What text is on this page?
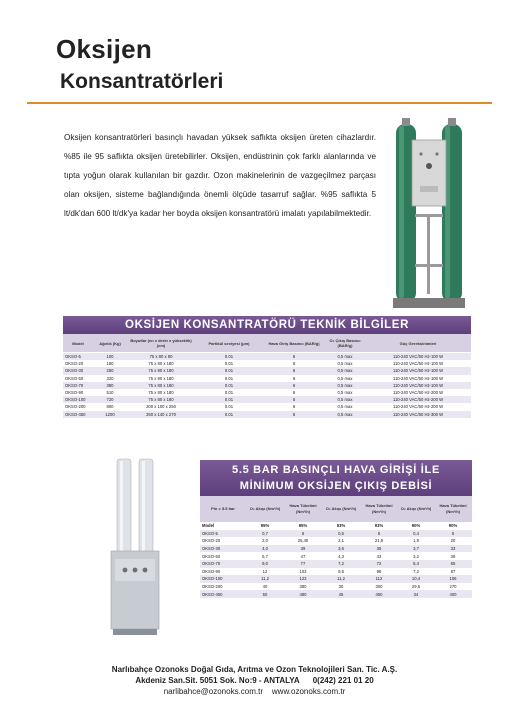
Oksijen
Konsantratörleri

Oksijen konsantratörleri basınçlı havadan yüksek saflıkta oksijen üreten cihazlardır. %85 ile 95 saflıkta oksijen üretebilirler. Oksijen, endüstrinin çok farklı alanlarında ve tıpta yoğun olarak kullanılan bir gazdır. Ozon makinelerinin de vazgeçilmez parçası olan oksijen, sisteme bağlandığında önemli ölçüde tasarruf sağlar. %95 saflıkta 5 lt/dk'dan 600 lt/dk'ya kadar her boyda oksijen konsantratörü imalatı yapılabilmektedir.

OKSİJEN KONSANTRATÖRÜ TEKNİK BİLGİLER
Model	Ağırlık (Kg)	Boyutlar (en x derin x yükseklik) (cm)	Partikül seviyesi (µm)	Hava Giriş Basıncı (BAR/g)	O₂ Çıkış Basıncı (BAR/g)	Güç Gereksinimleri
OKSO-5	100	75 x 80 x 80	0.01	6	0,5 max	110-240 VAC/50 Hz-100 W
OKSO-20	180	75 x 80 x 180	0.01	6	0,5 max	110-240 VAC/50 Hz-100 W
OKSO-30	250	75 x 80 x 180	0.01	6	0,5 max	110-240 VAC/50 Hz-100 W
OKSO-50	320	75 x 80 x 180	0.01	6	0,5 max	110-240 VAC/50 Hz-100 W
OKSO-70	380	75 x 80 x 180	0.01	6	0,5 max	110-240 VAC/50 Hz-100 W
OKSO-90	510	75 x 80 x 180	0.01	6	0,5 max	110-240 VAC/50 Hz-200 W
OKSO-100	720	75 x 80 x 180	0.01	6	0,5 max	110-240 VAC/50 Hz-200 W
OKSO-200	800	200 x 100 x 250	0.01	6	0,5 max	110-240 VAC/50 Hz-200 W
OKSO-450	1200	250 x 140 x 270	0.01	6	0,5 max	110-240 VAC/50 Hz-300 W
5.5 BAR BASINÇLI HAVA GİRİŞİ İLE
MİNİMUM OKSİJEN ÇIKIŞ DEBİSİ
Pin = 5.5 bar	O₂ Akışı (Nm³/h)	Hava Tüketimi (Nm³/h)	O₂ Akışı (Nm³/h)	Hava Tüketimi (Nm³/h)	O₂ Akışı (Nm³/h)	Hava Tüketimi (Nm³/h)
Model	95%	95%	93%	93%	90%	90%
OKSO-5	0,7	6	0,5	5	0,4	5
OKSO-20	2,0	25,40	2,1	21,9	1,9	20
OKSO-30	4,0	39	3,6	35	3,7	33
OKSO-50	5,7	47	4,3	43	3,2	39
OKSO-70	9,0	77	7,2	72	6,4	65
OKSO-90	12	103	9,5	98	7,2	87
OKSO-100	11,2	123	11,2	112	10,4	106
OKSO-200	40	380	30	300	29,5	270
OKSO-450	50	480	45	450	34	400
Narlıbahçe Ozonoks Doğal Gıda, Arıtma ve Ozon Teknolojileri San. Tic. A.Ş.
Akdeniz San.Sit. 5051 Sok. No:9 - ANTALYA      0(242) 221 01 20
narlibahce@ozonoks.com.tr    www.ozonoks.com.tr
